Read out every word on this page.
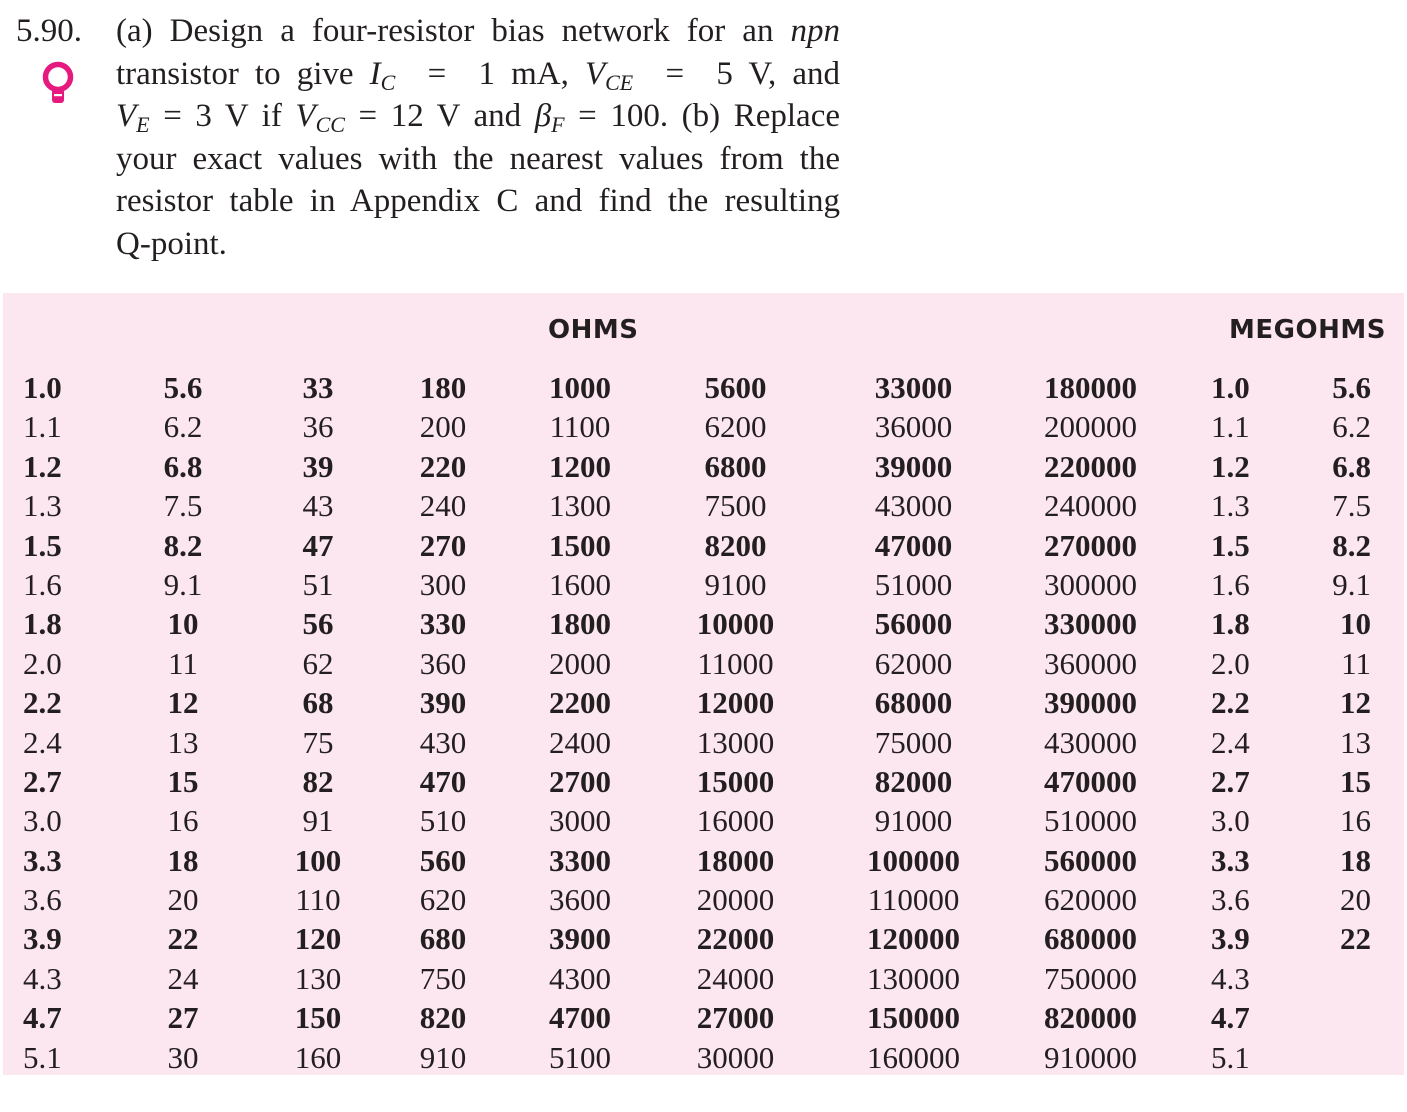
5.90. (a) Design a four-resistor bias network for an npn
transistor to give $I_C = 1$ mA, $V_{CE} = 5$ V, and
$V_E = 3$ V if $V_{CC} = 12$ V and $\beta_F = 100$. (b) Replace
your exact values with the nearest values from the
resistor table in Appendix C and find the resulting
Q-point.
OHMS	MEGOHMS
1.0
1.1
1.2
1.3
1.5
1.6
1.8
2.0
2.2
2.4
2.7
3.0
3.3
3.6
3.9
4.3
4.7
5.1
5.6
6.2
6.8
7.5
8.2
9.1
10
11
12
13
15
16
18
20
22
24
27
30
33
36
39
43
47
51
56
62
68
75
82
91
100
110
120
130
150
160
180
200
220
240
270
300
330
360
390
430
470
510
560
620
680
750
820
910
1000
1100
1200
1300
1500
1600
1800
2000
2200
2400
2700
3000
3300
3600
3900
4300
4700
5100
5600
6200
6800
7500
8200
9100
10000
11000
12000
13000
15000
16000
18000
20000
22000
24000
27000
30000
33000
36000
39000
43000
47000
51000
56000
62000
68000
75000
82000
91000
100000
110000
120000
130000
150000
160000
180000
200000
220000
240000
270000
300000
330000
360000
390000
430000
470000
510000
560000
620000
680000
750000
820000
910000
1.0
1.1
1.2
1.3
1.5
1.6
1.8
2.0
2.2
2.4
2.7
3.0
3.3
3.6
3.9
4.3
4.7
5.1
5.6
6.2
6.8
7.5
8.2
9.1
10
11
12
13
15
16
18
20
22
